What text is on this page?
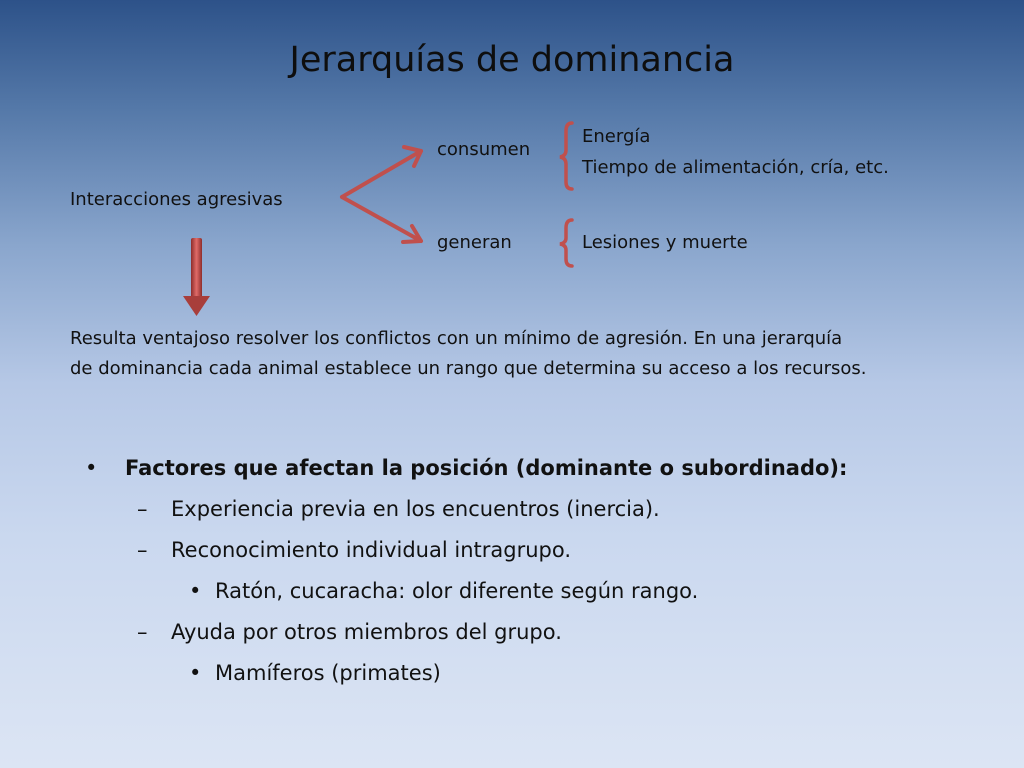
Jerarquías de dominancia
Interacciones agresivas
consumen
Energía
Tiempo de alimentación, cría, etc.
generan	Lesiones y muerte
Resulta ventajoso resolver los conflictos con un mínimo de agresión. En una jerarquía
de dominancia cada animal establece un rango que determina su acceso a los recursos.
• Factores que afectan la posición (dominante o subordinado):
– Experiencia previa en los encuentros (inercia).
– Reconocimiento individual intragrupo.
• Ratón, cucaracha: olor diferente según rango.
– Ayuda por otros miembros del grupo.
• Mamíferos (primates)
